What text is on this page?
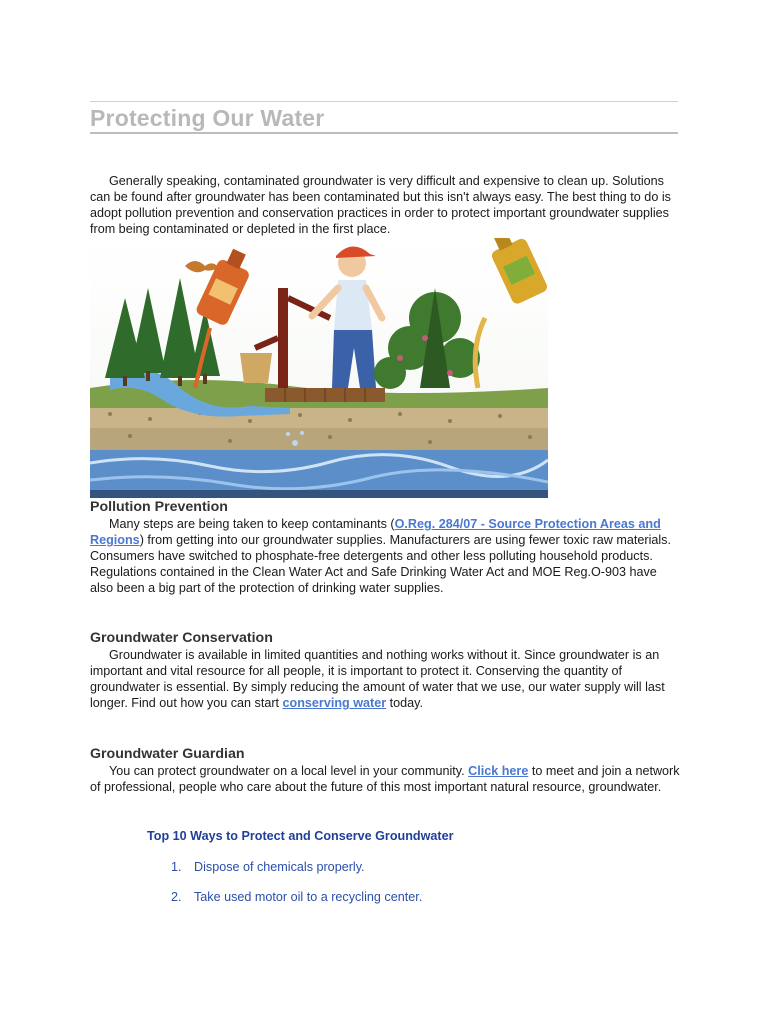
Protecting Our Water

Generally speaking, contaminated groundwater is very difficult and expensive to clean up. Solutions can be found after groundwater has been contaminated but this isn't always easy. The best thing to do is adopt pollution prevention and conservation practices in order to protect important groundwater supplies from being contaminated or depleted in the first place.

Pollution Prevention

Many steps are being taken to keep contaminants (O.Reg. 284/07 - Source Protection Areas and Regions) from getting into our groundwater supplies. Manufacturers are using fewer toxic raw materials. Consumers have switched to phosphate-free detergents and other less polluting household products. Regulations contained in the Clean Water Act and Safe Drinking Water Act and MOE Reg.O-903 have also been a big part of the protection of drinking water supplies.

Groundwater Conservation

Groundwater is available in limited quantities and nothing works without it. Since groundwater is an important and vital resource for all people, it is important to protect it. Conserving the quantity of groundwater is essential. By simply reducing the amount of water that we use, our water supply will last longer. Find out how you can start conserving water today.

Groundwater Guardian

You can protect groundwater on a local level in your community. Click here to meet and join a network of professional, people who care about the future of this most important natural resource, groundwater.

Top 10 Ways to Protect and Conserve Groundwater
1. Dispose of chemicals properly.
2. Take used motor oil to a recycling center.
